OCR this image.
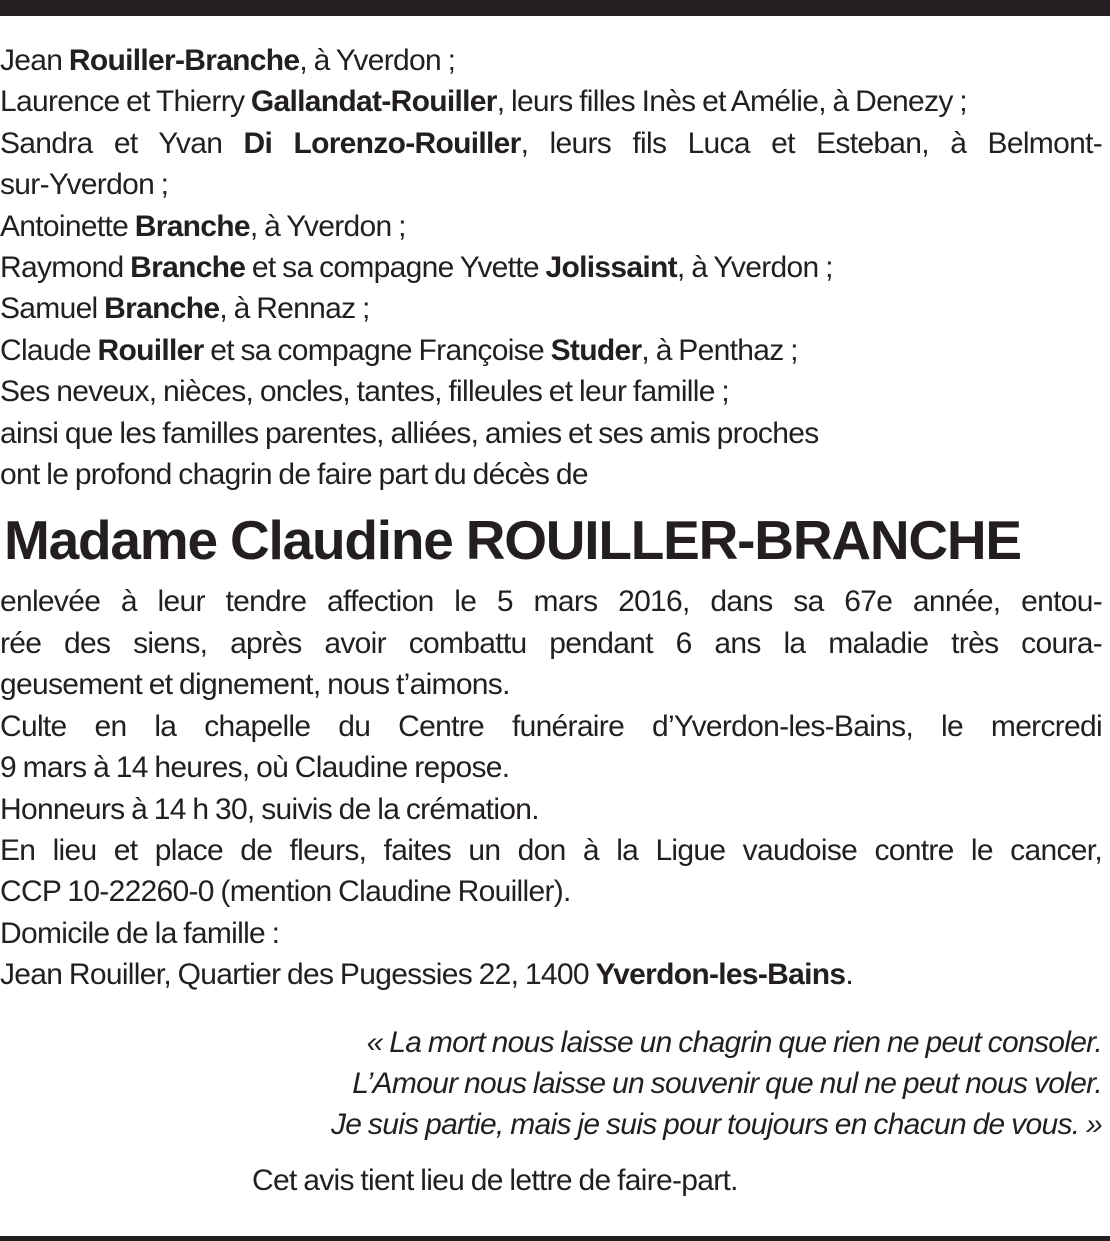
Jean Rouiller-Branche, à Yverdon ;
Laurence et Thierry Gallandat-Rouiller, leurs filles Inès et Amélie, à Denezy ;
Sandra et Yvan Di Lorenzo-Rouiller, leurs fils Luca et Esteban, à Belmont-
sur-Yverdon ;
Antoinette Branche, à Yverdon ;
Raymond Branche et sa compagne Yvette Jolissaint, à Yverdon ;
Samuel Branche, à Rennaz ;
Claude Rouiller et sa compagne Françoise Studer, à Penthaz ;
Ses neveux, nièces, oncles, tantes, filleules et leur famille ;
ainsi que les familles parentes, alliées, amies et ses amis proches
ont le profond chagrin de faire part du décès de
Madame Claudine ROUILLER-BRANCHE
enlevée à leur tendre affection le 5 mars 2016, dans sa 67e année, entou-
rée des siens, après avoir combattu pendant 6 ans la maladie très coura-
geusement et dignement, nous t’aimons.
Culte en la chapelle du Centre funéraire d’Yverdon-les-Bains, le mercredi
9 mars à 14 heures, où Claudine repose.
Honneurs à 14 h 30, suivis de la crémation.
En lieu et place de fleurs, faites un don à la Ligue vaudoise contre le cancer,
CCP 10-22260-0 (mention Claudine Rouiller).
Domicile de la famille :
Jean Rouiller, Quartier des Pugessies 22, 1400 Yverdon-les-Bains.
« La mort nous laisse un chagrin que rien ne peut consoler.
L’Amour nous laisse un souvenir que nul ne peut nous voler.
Je suis partie, mais je suis pour toujours en chacun de vous. »
Cet avis tient lieu de lettre de faire-part.
